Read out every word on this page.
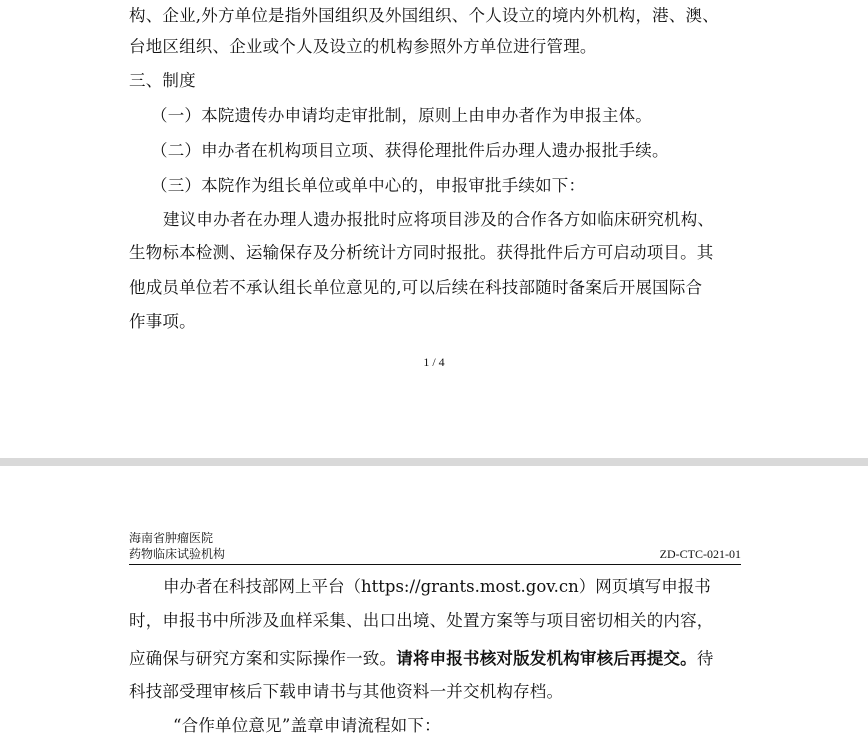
构、企业,外方单位是指外国组织及外国组织、个人设立的境内外机构，港、澳、
台地区组织、企业或个人及设立的机构参照外方单位进行管理。
三、制度
（一）本院遗传办申请均走审批制，原则上由申办者作为申报主体。
（二）申办者在机构项目立项、获得伦理批件后办理人遗办报批手续。
（三）本院作为组长单位或单中心的，申报审批手续如下：
建议申办者在办理人遗办报批时应将项目涉及的合作各方如临床研究机构、
生物标本检测、运输保存及分析统计方同时报批。获得批件后方可启动项目。其
他成员单位若不承认组长单位意见的,可以后续在科技部随时备案后开展国际合
作事项。
1 / 4
海南省肿瘤医院
药物临床试验机构	ZD-CTC-021-01
申办者在科技部网上平台（https://grants.most.gov.cn）网页填写申报书
时，申报书中所涉及血样采集、出口出境、处置方案等与项目密切相关的内容，
应确保与研究方案和实际操作一致。请将申报书核对版发机构审核后再提交。待
科技部受理审核后下载申请书与其他资料一并交机构存档。
“合作单位意见”盖章申请流程如下：
